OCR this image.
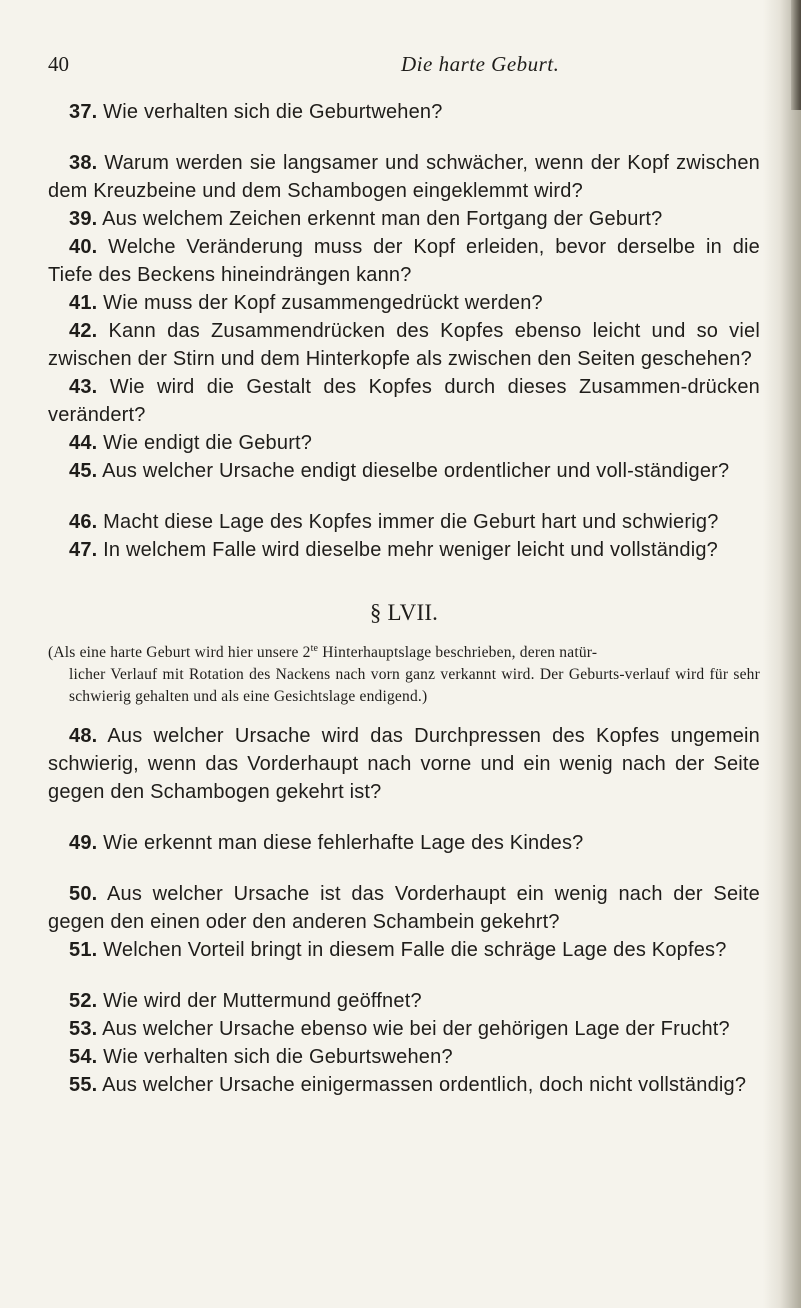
40	Die harte Geburt.

37. Wie verhalten sich die Geburtwehen?

38. Warum werden sie langsamer und schwächer, wenn der Kopf zwischen dem Kreuzbeine und dem Schambogen eingeklemmt wird?

39. Aus welchem Zeichen erkennt man den Fortgang der Geburt?

40. Welche Veränderung muss der Kopf erleiden, bevor derselbe in die Tiefe des Beckens hineindrängen kann?

41. Wie muss der Kopf zusammengedrückt werden?

42. Kann das Zusammendrücken des Kopfes ebenso leicht und so viel zwischen der Stirn und dem Hinterkopfe als zwischen den Seiten geschehen?

43. Wie wird die Gestalt des Kopfes durch dieses Zusammen-drücken verändert?

44. Wie endigt die Geburt?

45. Aus welcher Ursache endigt dieselbe ordentlicher und voll-ständiger?

46. Macht diese Lage des Kopfes immer die Geburt hart und schwierig?

47. In welchem Falle wird dieselbe mehr weniger leicht und vollständig?

§ LVII.
(Als eine harte Geburt wird hier unsere $2^{te}$ Hinterhauptslage beschrieben, deren natür-
licher Verlauf mit Rotation des Nackens nach vorn ganz verkannt wird. Der Geburts-verlauf wird für sehr schwierig gehalten und als eine Gesichtslage endigend.)

48. Aus welcher Ursache wird das Durchpressen des Kopfes ungemein schwierig, wenn das Vorderhaupt nach vorne und ein wenig nach der Seite gegen den Schambogen gekehrt ist?

49. Wie erkennt man diese fehlerhafte Lage des Kindes?

50. Aus welcher Ursache ist das Vorderhaupt ein wenig nach der Seite gegen den einen oder den anderen Schambein gekehrt?

51. Welchen Vorteil bringt in diesem Falle die schräge Lage des Kopfes?

52. Wie wird der Muttermund geöffnet?

53. Aus welcher Ursache ebenso wie bei der gehörigen Lage der Frucht?

54. Wie verhalten sich die Geburtswehen?

55. Aus welcher Ursache einigermassen ordentlich, doch nicht vollständig?
